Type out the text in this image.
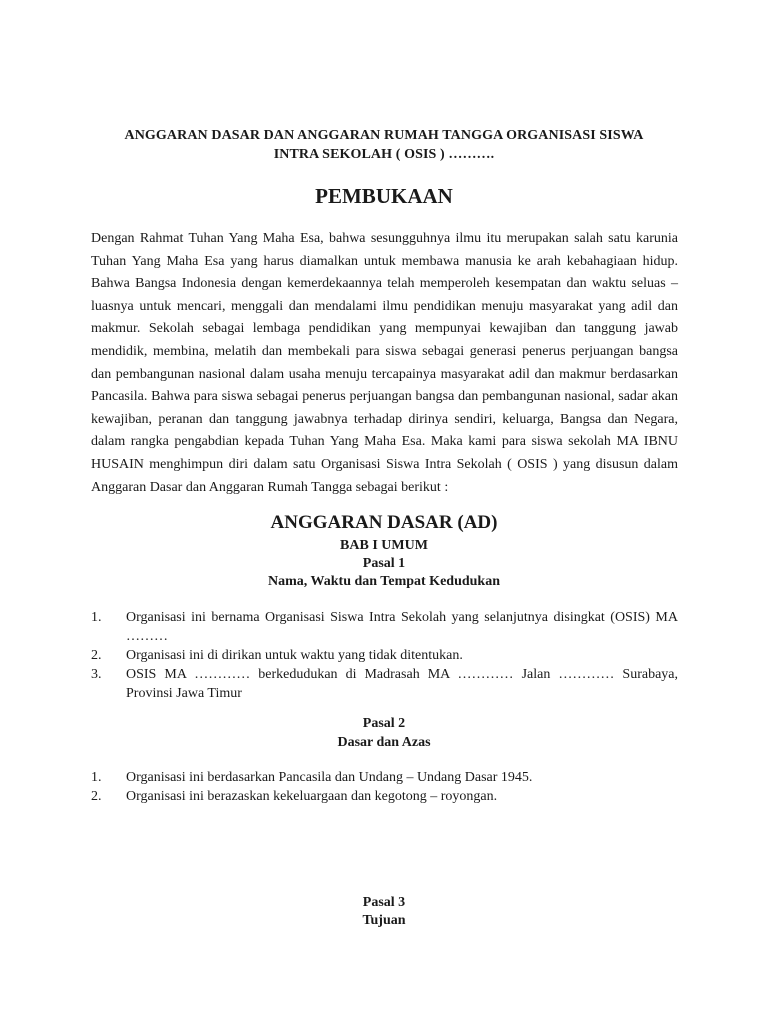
ANGGARAN DASAR DAN ANGGARAN RUMAH TANGGA ORGANISASI SISWA
INTRA SEKOLAH ( OSIS ) ……….
PEMBUKAAN

Dengan Rahmat Tuhan Yang Maha Esa, bahwa sesungguhnya ilmu itu merupakan salah satu karunia Tuhan Yang Maha Esa yang harus diamalkan untuk membawa manusia ke arah kebahagiaan hidup. Bahwa Bangsa Indonesia dengan kemerdekaannya telah memperoleh kesempatan dan waktu seluas – luasnya untuk mencari, menggali dan mendalami ilmu pendidikan menuju masyarakat yang adil dan makmur. Sekolah sebagai lembaga pendidikan yang mempunyai kewajiban dan tanggung jawab mendidik, membina, melatih dan membekali para siswa sebagai generasi penerus perjuangan bangsa dan pembangunan nasional dalam usaha menuju tercapainya masyarakat adil dan makmur berdasarkan Pancasila. Bahwa para siswa sebagai penerus perjuangan bangsa dan pembangunan nasional, sadar akan kewajiban, peranan dan tanggung jawabnya terhadap dirinya sendiri, keluarga, Bangsa dan Negara, dalam rangka pengabdian kepada Tuhan Yang Maha Esa. Maka kami para siswa sekolah MA IBNU HUSAIN menghimpun diri dalam satu Organisasi Siswa Intra Sekolah ( OSIS ) yang disusun dalam Anggaran Dasar dan Anggaran Rumah Tangga sebagai berikut :

ANGGARAN DASAR (AD)
BAB I UMUM
Pasal 1
Nama, Waktu dan Tempat Kedudukan
1. Organisasi ini bernama Organisasi Siswa Intra Sekolah yang selanjutnya disingkat (OSIS) MA ………
2. Organisasi ini di dirikan untuk waktu yang tidak ditentukan.
3. OSIS MA ………… berkedudukan di Madrasah MA ………… Jalan ………… Surabaya, Provinsi Jawa Timur
Pasal 2
Dasar dan Azas
1. Organisasi ini berdasarkan Pancasila dan Undang – Undang Dasar 1945.
2. Organisasi ini berazaskan kekeluargaan dan kegotong – royongan.
Pasal 3
Tujuan
